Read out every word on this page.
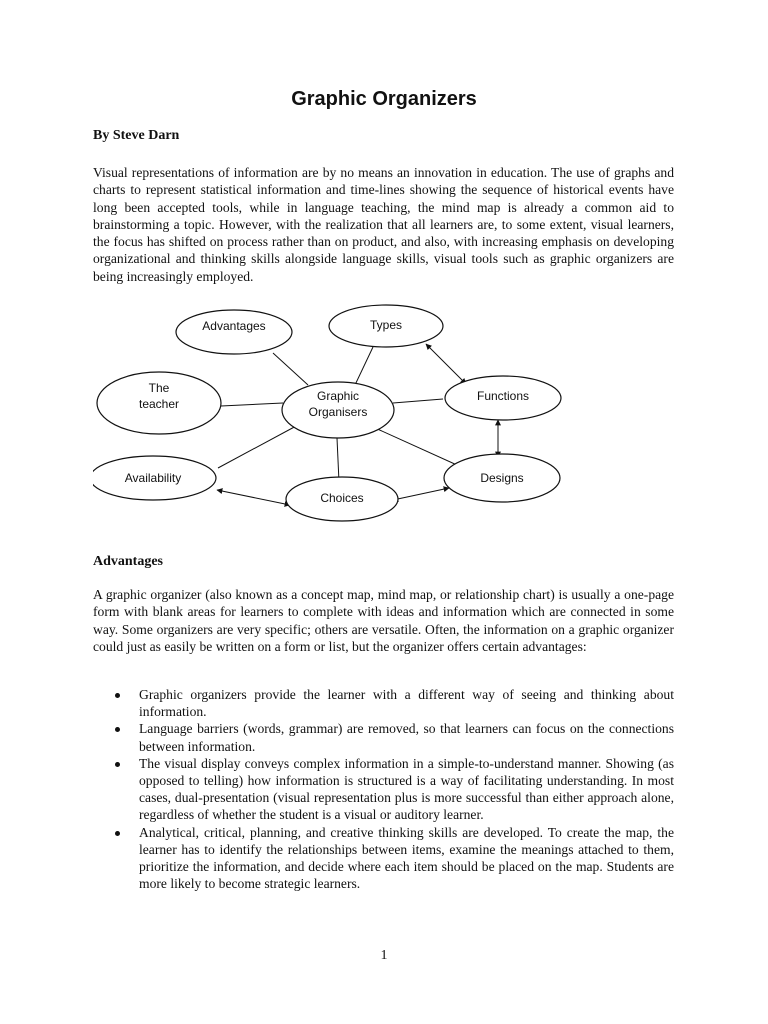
Graphic Organizers
By Steve Darn

Visual representations of information are by no means an innovation in education. The use of graphs and charts to represent statistical information and time-lines showing the sequence of historical events have long been accepted tools, while in language teaching, the mind map is already a common aid to brainstorming a topic. However, with the realization that all learners are, to some extent, visual learners, the focus has shifted on process rather than on product, and also, with increasing emphasis on developing organizational and thinking skills alongside language skills, visual tools such as graphic organizers are being increasingly employed.

Graphic
Organisers
Advantages	Types
The
teacher
Functions
Availability
Choices
Designs
Advantages

A graphic organizer (also known as a concept map, mind map, or relationship chart) is usually a one-page form with blank areas for learners to complete with ideas and information which are connected in some way. Some organizers are very specific; others are versatile. Often, the information on a graphic organizer could just as easily be written on a form or list, but the organizer offers certain advantages:

Graphic organizers provide the learner with a different way of seeing and thinking about information.
Language barriers (words, grammar) are removed, so that learners can focus on the connections between information.
The visual display conveys complex information in a simple-to-understand manner. Showing (as opposed to telling) how information is structured is a way of facilitating understanding. In most cases, dual-presentation (visual representation plus is more successful than either approach alone, regardless of whether the student is a visual or auditory learner.
Analytical, critical, planning, and creative thinking skills are developed. To create the map, the learner has to identify the relationships between items, examine the meanings attached to them, prioritize the information, and decide where each item should be placed on the map. Students are more likely to become strategic learners.
1
